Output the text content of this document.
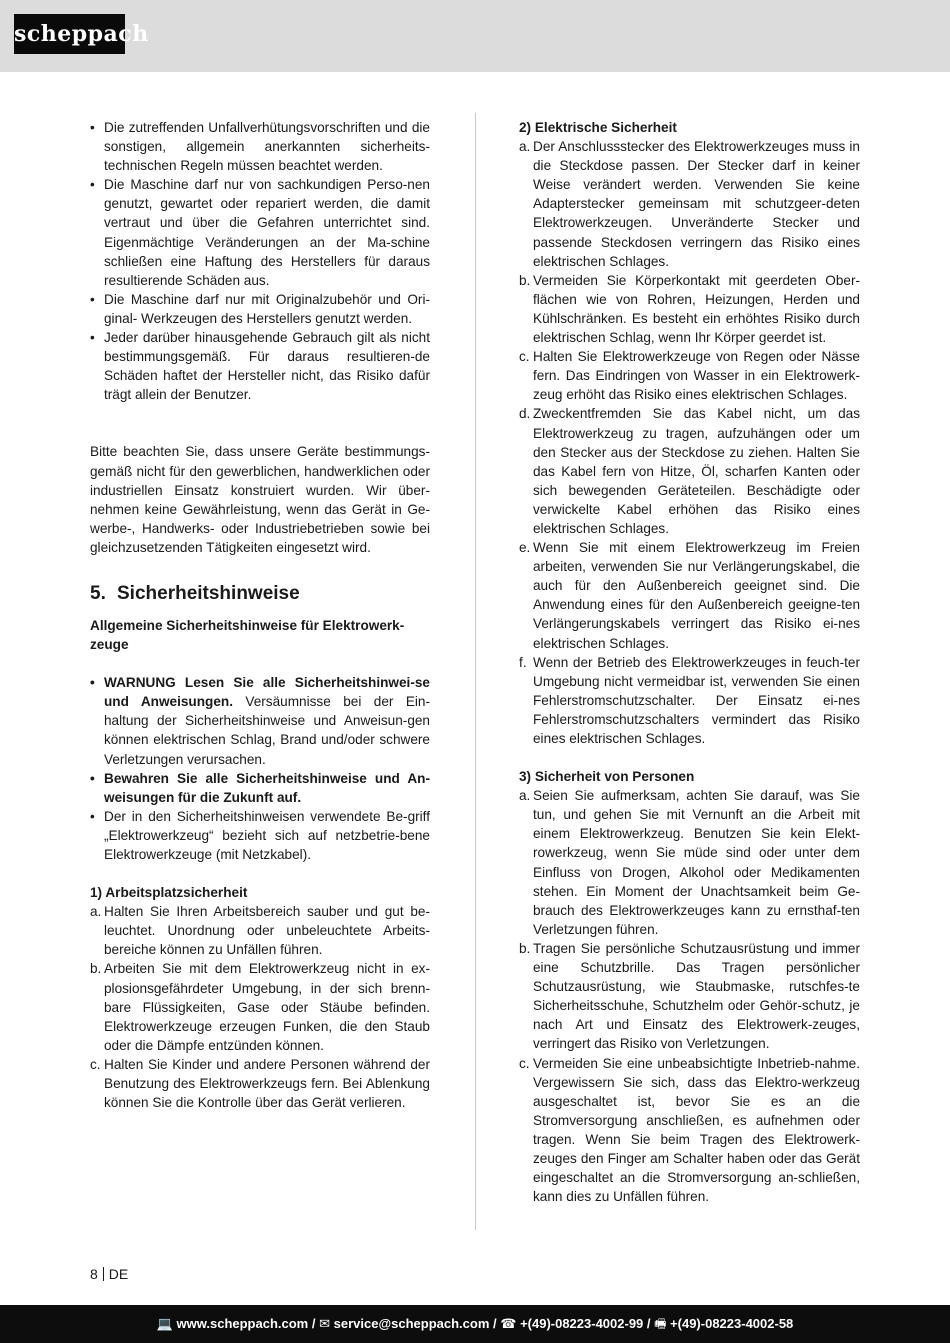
scheppach
• Die zutreffenden Unfallverhütungsvorschriften und die sonstigen, allgemein anerkannten sicherheits-technischen Regeln müssen beachtet werden.
• Die Maschine darf nur von sachkundigen Perso-nen genutzt, gewartet oder repariert werden, die damit vertraut und über die Gefahren unterrichtet sind. Eigenmächtige Veränderungen an der Ma-schine schließen eine Haftung des Herstellers für daraus resultierende Schäden aus.
• Die Maschine darf nur mit Originalzubehör und Ori-ginal- Werkzeugen des Herstellers genutzt werden.
• Jeder darüber hinausgehende Gebrauch gilt als nicht bestimmungsgemäß. Für daraus resultieren-de Schäden haftet der Hersteller nicht, das Risiko dafür trägt allein der Benutzer.

Bitte beachten Sie, dass unsere Geräte bestimmungs-gemäß nicht für den gewerblichen, handwerklichen oder industriellen Einsatz konstruiert wurden. Wir über-nehmen keine Gewährleistung, wenn das Gerät in Ge-werbe-, Handwerks- oder Industriebetrieben sowie bei gleichzusetzenden Tätigkeiten eingesetzt wird.

5. Sicherheitshinweise

Allgemeine Sicherheitshinweise für Elektrowerk-zeuge

• WARNUNG Lesen Sie alle Sicherheitshinwei-se und Anweisungen. Versäumnisse bei der Ein-haltung der Sicherheitshinweise und Anweisun-gen können elektrischen Schlag, Brand und/oder schwere Verletzungen verursachen.
• Bewahren Sie alle Sicherheitshinweise und An-weisungen für die Zukunft auf.
• Der in den Sicherheitshinweisen verwendete Be-griff „Elektrowerkzeug“ bezieht sich auf netzbetrie-bene Elektrowerkzeuge (mit Netzkabel).

1) Arbeitsplatzsicherheit

a. Halten Sie Ihren Arbeitsbereich sauber und gut be-leuchtet. Unordnung oder unbeleuchtete Arbeits-bereiche können zu Unfällen führen.
b. Arbeiten Sie mit dem Elektrowerkzeug nicht in ex-plosionsgefährdeter Umgebung, in der sich brenn-bare Flüssigkeiten, Gase oder Stäube befinden. Elektrowerkzeuge erzeugen Funken, die den Staub oder die Dämpfe entzünden können.
c. Halten Sie Kinder und andere Personen während der Benutzung des Elektrowerkzeugs fern. Bei Ablenkung können Sie die Kontrolle über das Gerät verlieren.

2) Elektrische Sicherheit

a. Der Anschlussstecker des Elektrowerkzeuges muss in die Steckdose passen. Der Stecker darf in keiner Weise verändert werden. Verwenden Sie keine Adapterstecker gemeinsam mit schutzgeer-deten Elektrowerkzeugen. Unveränderte Stecker und passende Steckdosen verringern das Risiko eines elektrischen Schlages.
b. Vermeiden Sie Körperkontakt mit geerdeten Ober-flächen wie von Rohren, Heizungen, Herden und Kühlschränken. Es besteht ein erhöhtes Risiko durch elektrischen Schlag, wenn Ihr Körper geerdet ist.
c. Halten Sie Elektrowerkzeuge von Regen oder Nässe fern. Das Eindringen von Wasser in ein Elektrowerk-zeug erhöht das Risiko eines elektrischen Schlages.
d. Zweckentfremden Sie das Kabel nicht, um das Elektrowerkzeug zu tragen, aufzuhängen oder um den Stecker aus der Steckdose zu ziehen. Halten Sie das Kabel fern von Hitze, Öl, scharfen Kanten oder sich bewegenden Geräteteilen. Beschädigte oder verwickelte Kabel erhöhen das Risiko eines elektrischen Schlages.
e. Wenn Sie mit einem Elektrowerkzeug im Freien arbeiten, verwenden Sie nur Verlängerungskabel, die auch für den Außenbereich geeignet sind. Die Anwendung eines für den Außenbereich geeigne-ten Verlängerungskabels verringert das Risiko ei-nes elektrischen Schlages.
f. Wenn der Betrieb des Elektrowerkzeuges in feuch-ter Umgebung nicht vermeidbar ist, verwenden Sie einen Fehlerstromschutzschalter. Der Einsatz ei-nes Fehlerstromschutzschalters vermindert das Risiko eines elektrischen Schlages.

3) Sicherheit von Personen

a. Seien Sie aufmerksam, achten Sie darauf, was Sie tun, und gehen Sie mit Vernunft an die Arbeit mit einem Elektrowerkzeug. Benutzen Sie kein Elekt-rowerkzeug, wenn Sie müde sind oder unter dem Einfluss von Drogen, Alkohol oder Medikamenten stehen. Ein Moment der Unachtsamkeit beim Ge-brauch des Elektrowerkzeuges kann zu ernsthaf-ten Verletzungen führen.
b. Tragen Sie persönliche Schutzausrüstung und immer eine Schutzbrille. Das Tragen persönlicher Schutzausrüstung, wie Staubmaske, rutschfes-te Sicherheitsschuhe, Schutzhelm oder Gehör-schutz, je nach Art und Einsatz des Elektrowerk-zeuges, verringert das Risiko von Verletzungen.
c. Vermeiden Sie eine unbeabsichtigte Inbetrieb-nahme. Vergewissern Sie sich, dass das Elektro-werkzeug ausgeschaltet ist, bevor Sie es an die Stromversorgung anschließen, es aufnehmen oder tragen. Wenn Sie beim Tragen des Elektrowerk-zeuges den Finger am Schalter haben oder das Gerät eingeschaltet an die Stromversorgung an-schließen, kann dies zu Unfällen führen.
8 DE
💻 www.scheppach.com / ✉ service@scheppach.com / ☎ +(49)-08223-4002-99 / 🖷 +(49)-08223-4002-58
